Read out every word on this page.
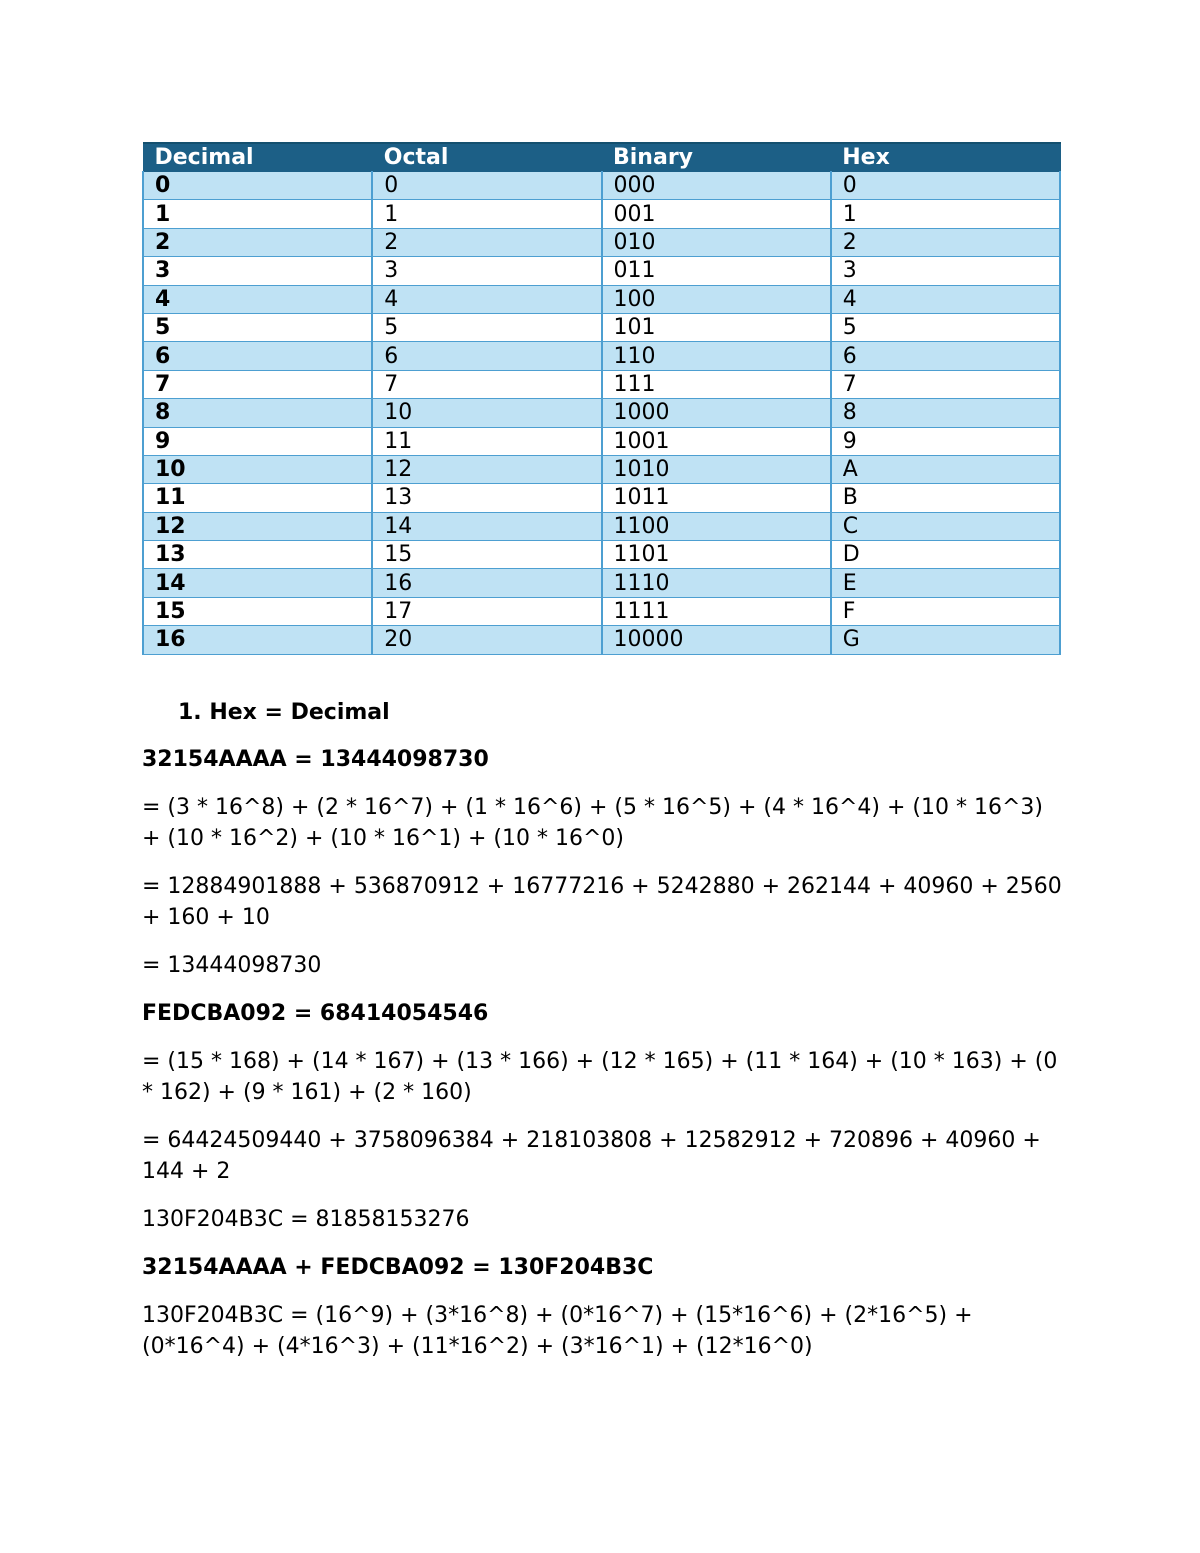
Decimal	Octal	Binary	Hex
0	0	000	0
1	1	001	1
2	2	010	2
3	3	011	3
4	4	100	4
5	5	101	5
6	6	110	6
7	7	111	7
8	10	1000	8
9	11	1001	9
10	12	1010	A
11	13	1011	B
12	14	1100	C
13	15	1101	D
14	16	1110	E
15	17	1111	F
16	20	10000	G

1. Hex = Decimal

32154AAAA = 13444098730

= (3 * 16^8) + (2 * 16^7) + (1 * 16^6) + (5 * 16^5) + (4 * 16^4) + (10 * 16^3) + (10 * 16^2) + (10 * 16^1) + (10 * 16^0)

= 12884901888 + 536870912 + 16777216 + 5242880 + 262144 + 40960 + 2560 + 160 + 10

= 13444098730

FEDCBA092 = 68414054546

= (15 * 168) + (14 * 167) + (13 * 166) + (12 * 165) + (11 * 164) + (10 * 163) + (0 * 162) + (9 * 161) + (2 * 160)

= 64424509440 + 3758096384 + 218103808 + 12582912 + 720896 + 40960 + 144 + 2

130F204B3C = 81858153276

32154AAAA + FEDCBA092 = 130F204B3C

130F204B3C = (16^9) + (3*16^8) + (0*16^7) + (15*16^6) + (2*16^5) + (0*16^4) + (4*16^3) + (11*16^2) + (3*16^1) + (12*16^0)
